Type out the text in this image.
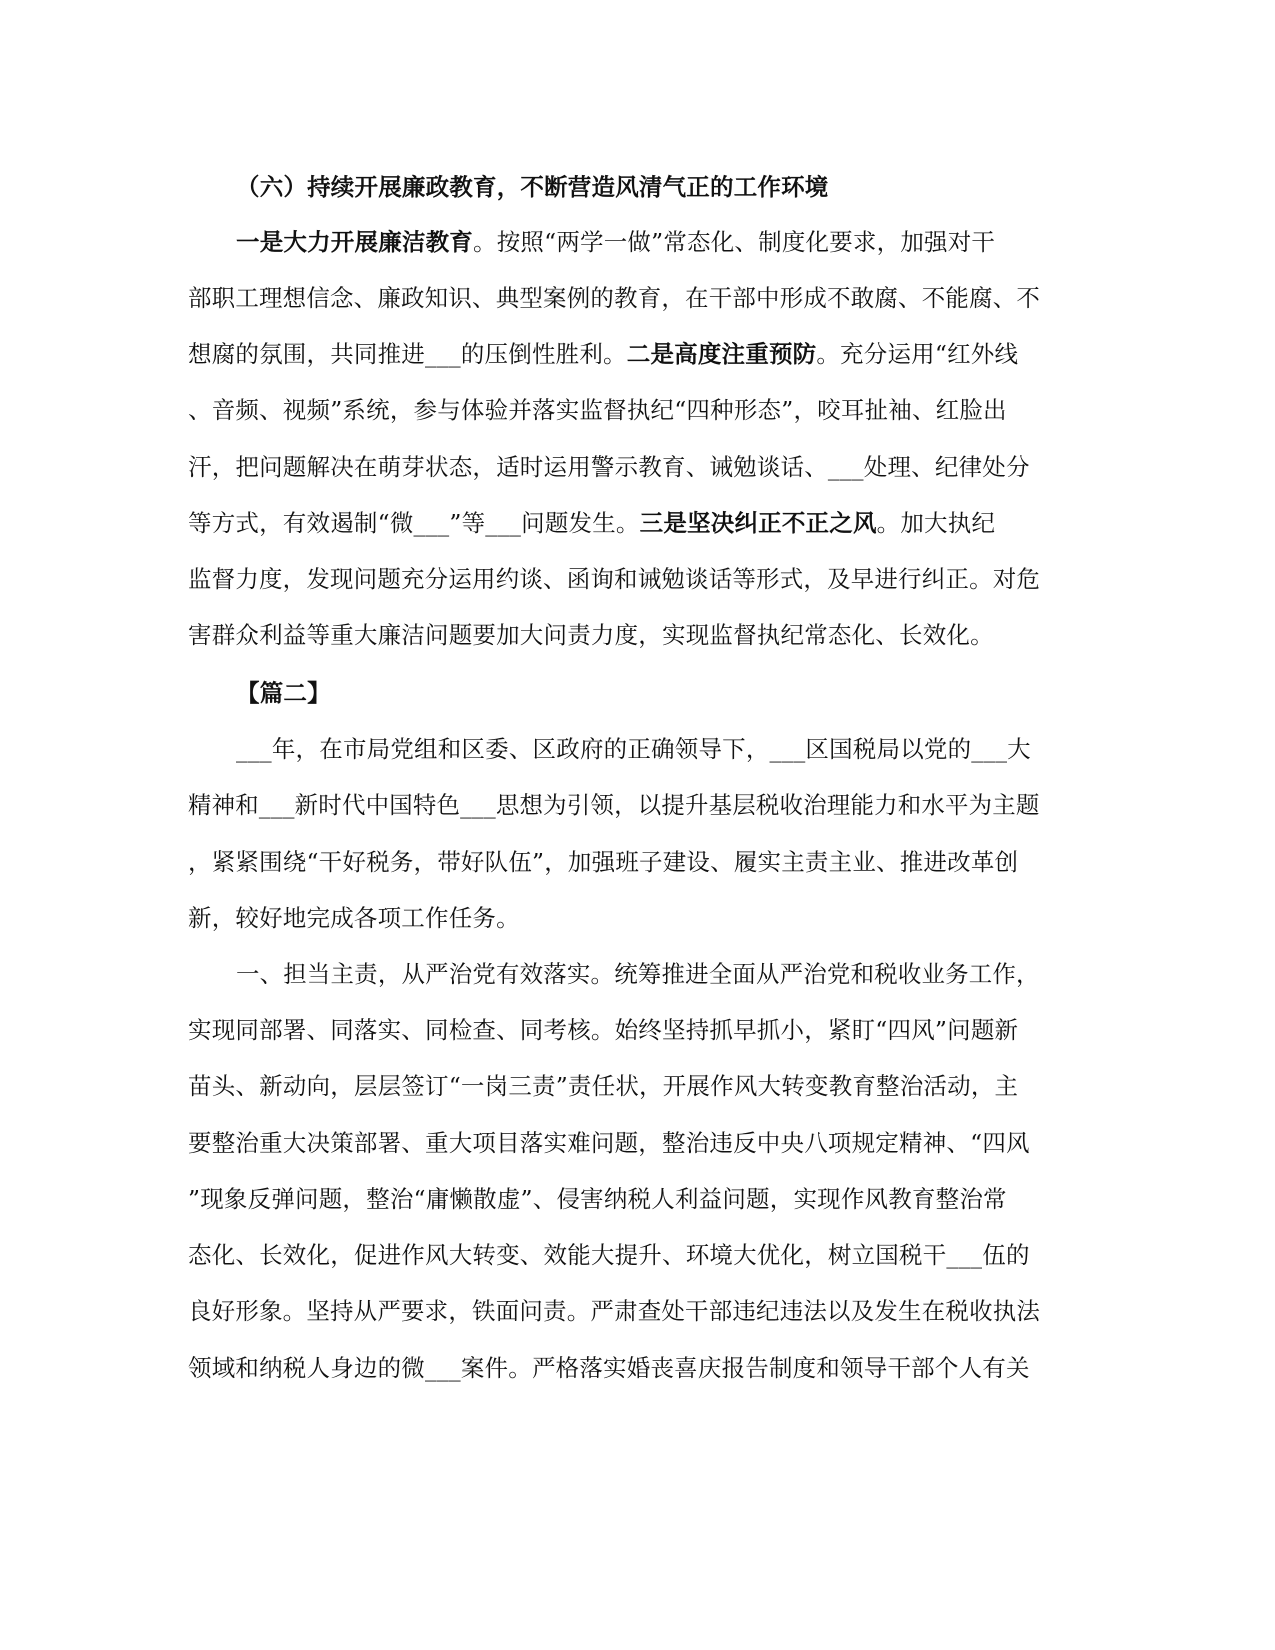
（六）持续开展廉政教育，不断营造风清气正的工作环境
一是大力开展廉洁教育。按照“两学一做”常态化、制度化要求，加强对干
部职工理想信念、廉政知识、典型案例的教育，在干部中形成不敢腐、不能腐、不
想腐的氛围，共同推进___的压倒性胜利。二是高度注重预防。充分运用“红外线
、音频、视频”系统，参与体验并落实监督执纪“四种形态”，咬耳扯袖、红脸出
汗，把问题解决在萌芽状态，适时运用警示教育、诫勉谈话、___处理、纪律处分
等方式，有效遏制“微___”等___问题发生。三是坚决纠正不正之风。加大执纪
监督力度，发现问题充分运用约谈、函询和诫勉谈话等形式，及早进行纠正。对危
害群众利益等重大廉洁问题要加大问责力度，实现监督执纪常态化、长效化。
【篇二】
___年，在市局党组和区委、区政府的正确领导下，___区国税局以党的___大
精神和___新时代中国特色___思想为引领，以提升基层税收治理能力和水平为主题
，紧紧围绕“干好税务，带好队伍”，加强班子建设、履实主责主业、推进改革创
新，较好地完成各项工作任务。
一、担当主责，从严治党有效落实。统筹推进全面从严治党和税收业务工作，
实现同部署、同落实、同检查、同考核。始终坚持抓早抓小，紧盯“四风”问题新
苗头、新动向，层层签订“一岗三责”责任状，开展作风大转变教育整治活动，主
要整治重大决策部署、重大项目落实难问题，整治违反中央八项规定精神、“四风
”现象反弹问题，整治“庸懒散虚”、侵害纳税人利益问题，实现作风教育整治常
态化、长效化，促进作风大转变、效能大提升、环境大优化，树立国税干___伍的
良好形象。坚持从严要求，铁面问责。严肃查处干部违纪违法以及发生在税收执法
领域和纳税人身边的微___案件。严格落实婚丧喜庆报告制度和领导干部个人有关
